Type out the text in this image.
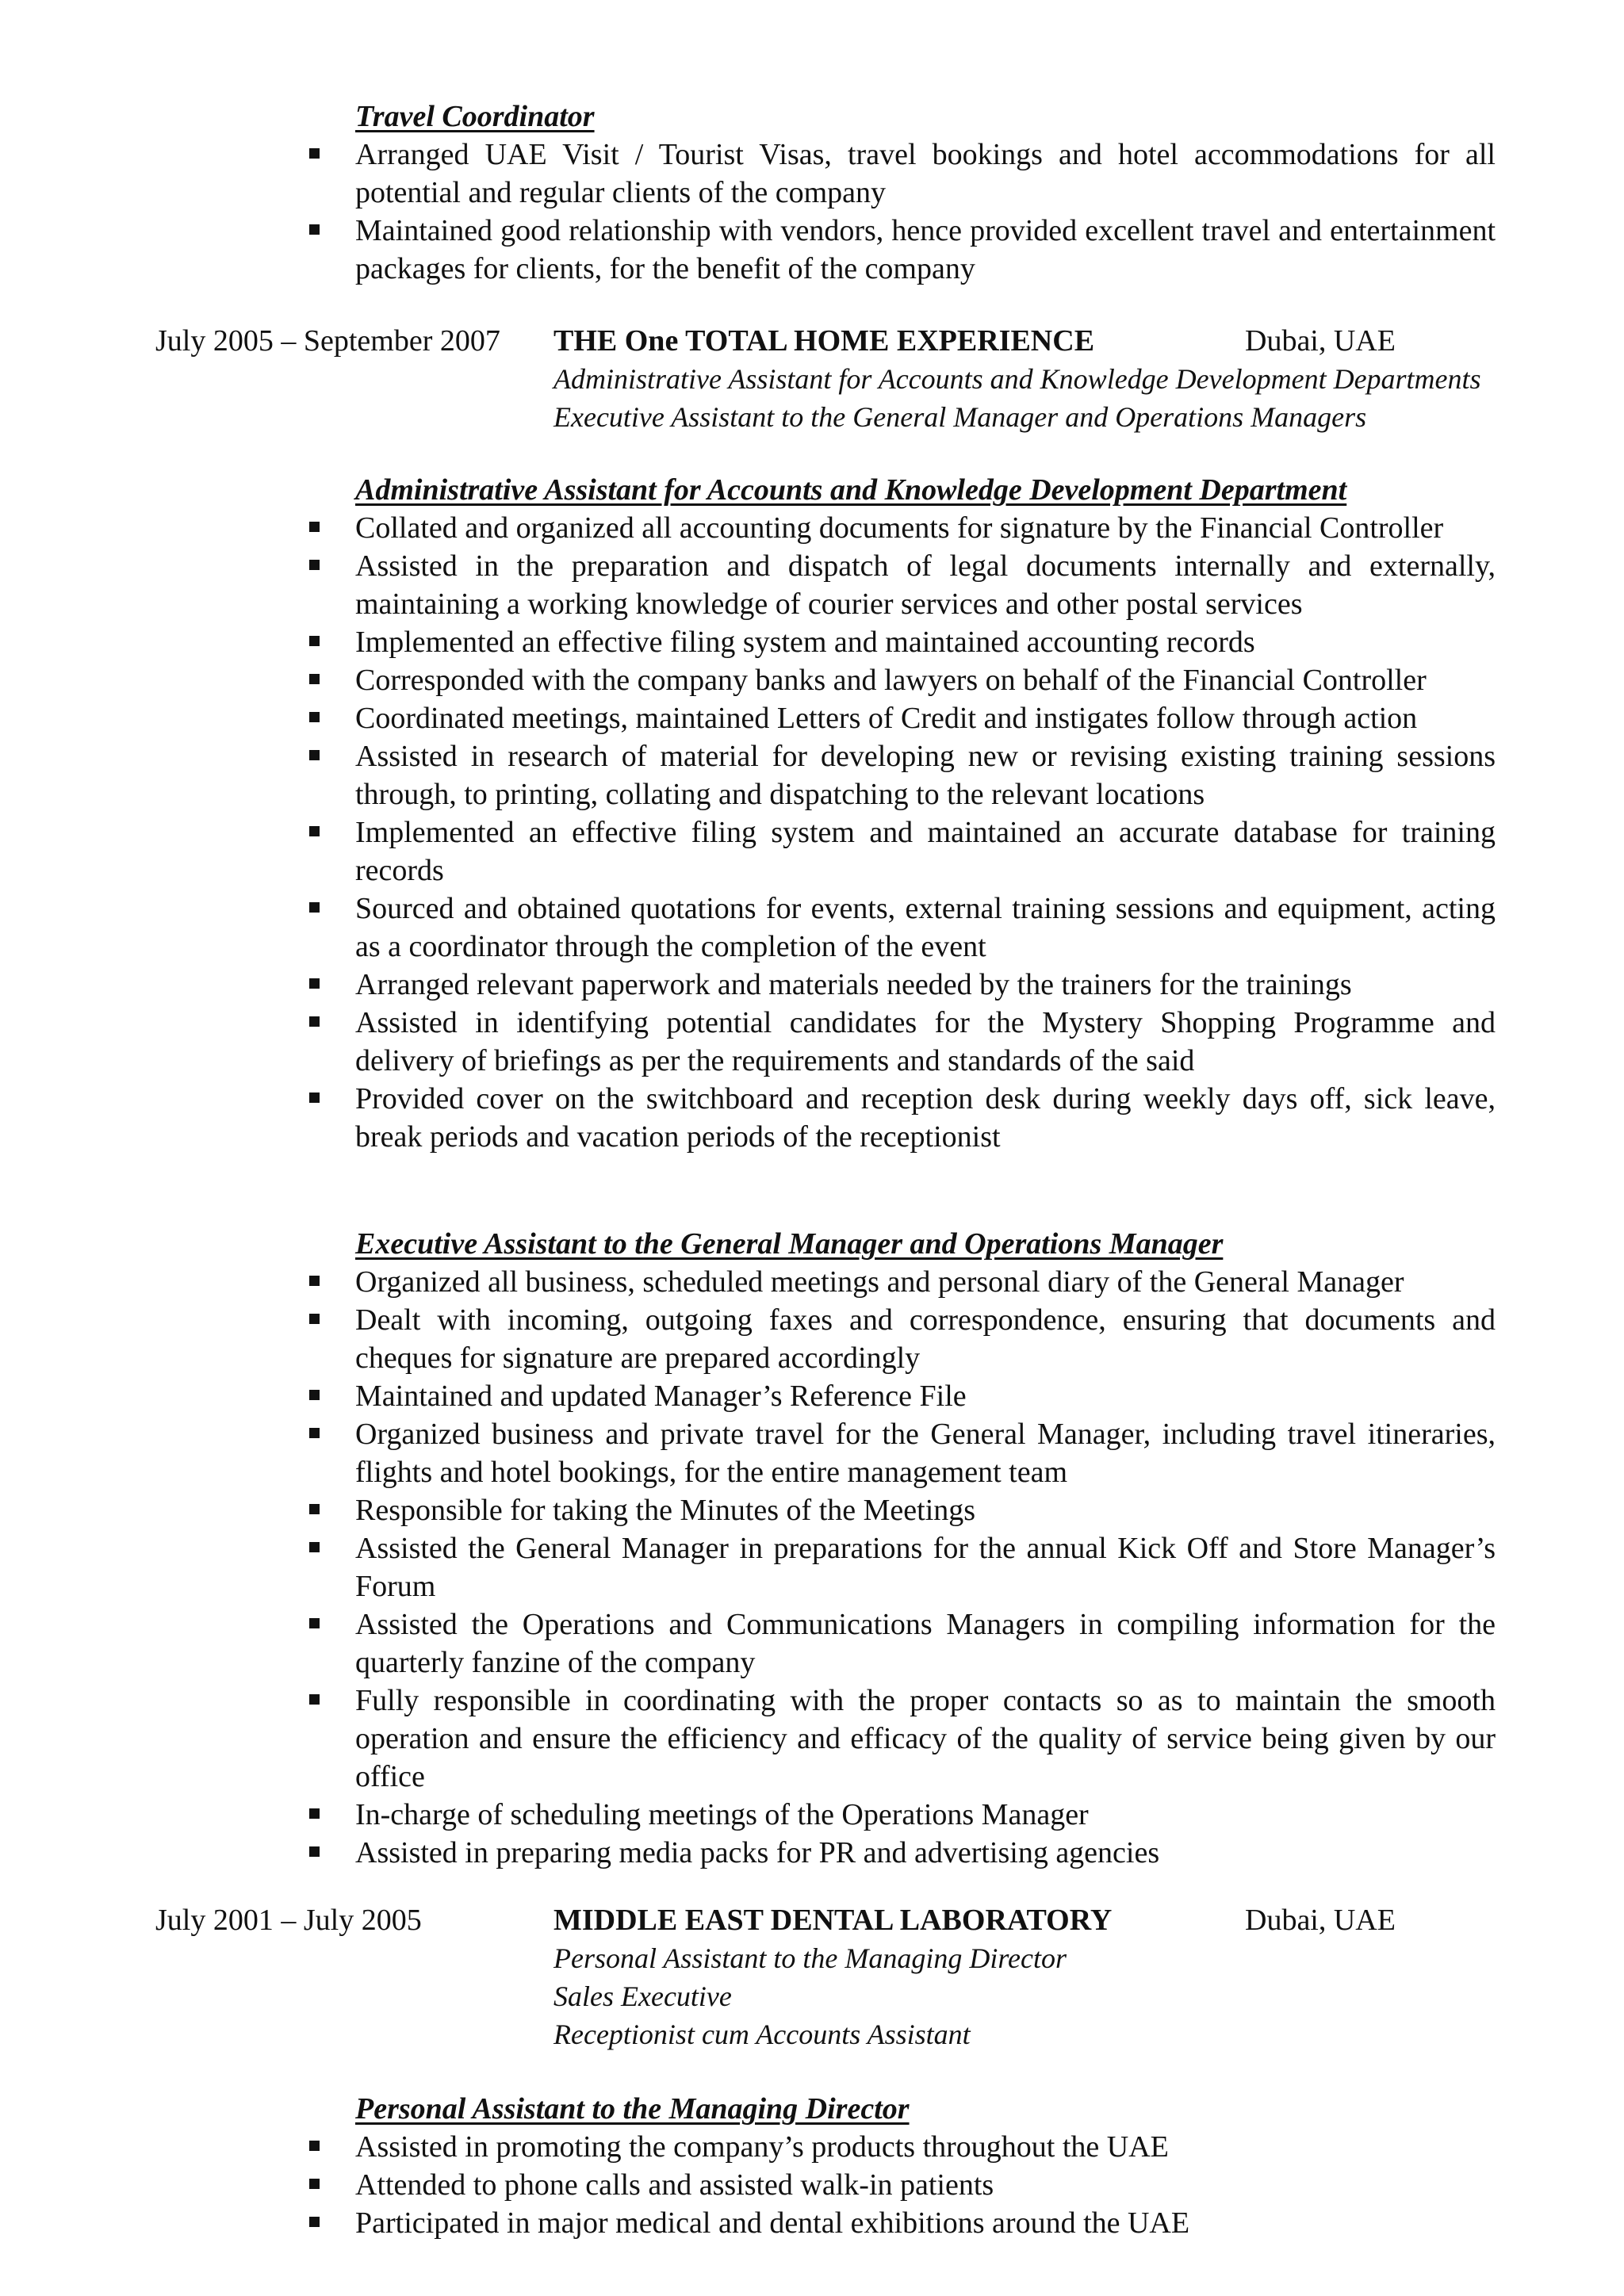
Travel Coordinator
Arranged UAE Visit / Tourist Visas, travel bookings and hotel accommodations for all potential and regular clients of the company
Maintained good relationship with vendors, hence provided excellent travel and entertainment packages for clients, for the benefit of the company
July 2005 – September 2007 THE One TOTAL HOME EXPERIENCE	Dubai, UAE
Administrative Assistant for Accounts and Knowledge Development Departments
Executive Assistant to the General Manager and Operations Managers
Administrative Assistant for Accounts and Knowledge Development Department
Collated and organized all accounting documents for signature by the Financial Controller
Assisted in the preparation and dispatch of legal documents internally and externally, maintaining a working knowledge of courier services and other postal services
Implemented an effective filing system and maintained accounting records
Corresponded with the company banks and lawyers on behalf of the Financial Controller
Coordinated meetings, maintained Letters of Credit and instigates follow through action
Assisted in research of material for developing new or revising existing training sessions through, to printing, collating and dispatching to the relevant locations
Implemented an effective filing system and maintained an accurate database for training records
Sourced and obtained quotations for events, external training sessions and equipment, acting as a coordinator through the completion of the event
Arranged relevant paperwork and materials needed by the trainers for the trainings
Assisted in identifying potential candidates for the Mystery Shopping Programme and delivery of briefings as per the requirements and standards of the said
Provided cover on the switchboard and reception desk during weekly days off, sick leave, break periods and vacation periods of the receptionist
Executive Assistant to the General Manager and Operations Manager
Organized all business, scheduled meetings and personal diary of the General Manager
Dealt with incoming, outgoing faxes and correspondence, ensuring that documents and cheques for signature are prepared accordingly
Maintained and updated Manager’s Reference File
Organized business and private travel for the General Manager, including travel itineraries, flights and hotel bookings, for the entire management team
Responsible for taking the Minutes of the Meetings
Assisted the General Manager in preparations for the annual Kick Off and Store Manager’s Forum
Assisted the Operations and Communications Managers in compiling information for the quarterly fanzine of the company
Fully responsible in coordinating with the proper contacts so as to maintain the smooth operation and ensure the efficiency and efficacy of the quality of service being given by our office
In-charge of scheduling meetings of the Operations Manager
Assisted in preparing media packs for PR and advertising agencies
July 2001 – July 2005	MIDDLE EAST DENTAL LABORATORY	Dubai, UAE
Personal Assistant to the Managing Director
Sales Executive
Receptionist cum Accounts Assistant
Personal Assistant to the Managing Director
Assisted in promoting the company’s products throughout the UAE
Attended to phone calls and assisted walk-in patients
Participated in major medical and dental exhibitions around the UAE
